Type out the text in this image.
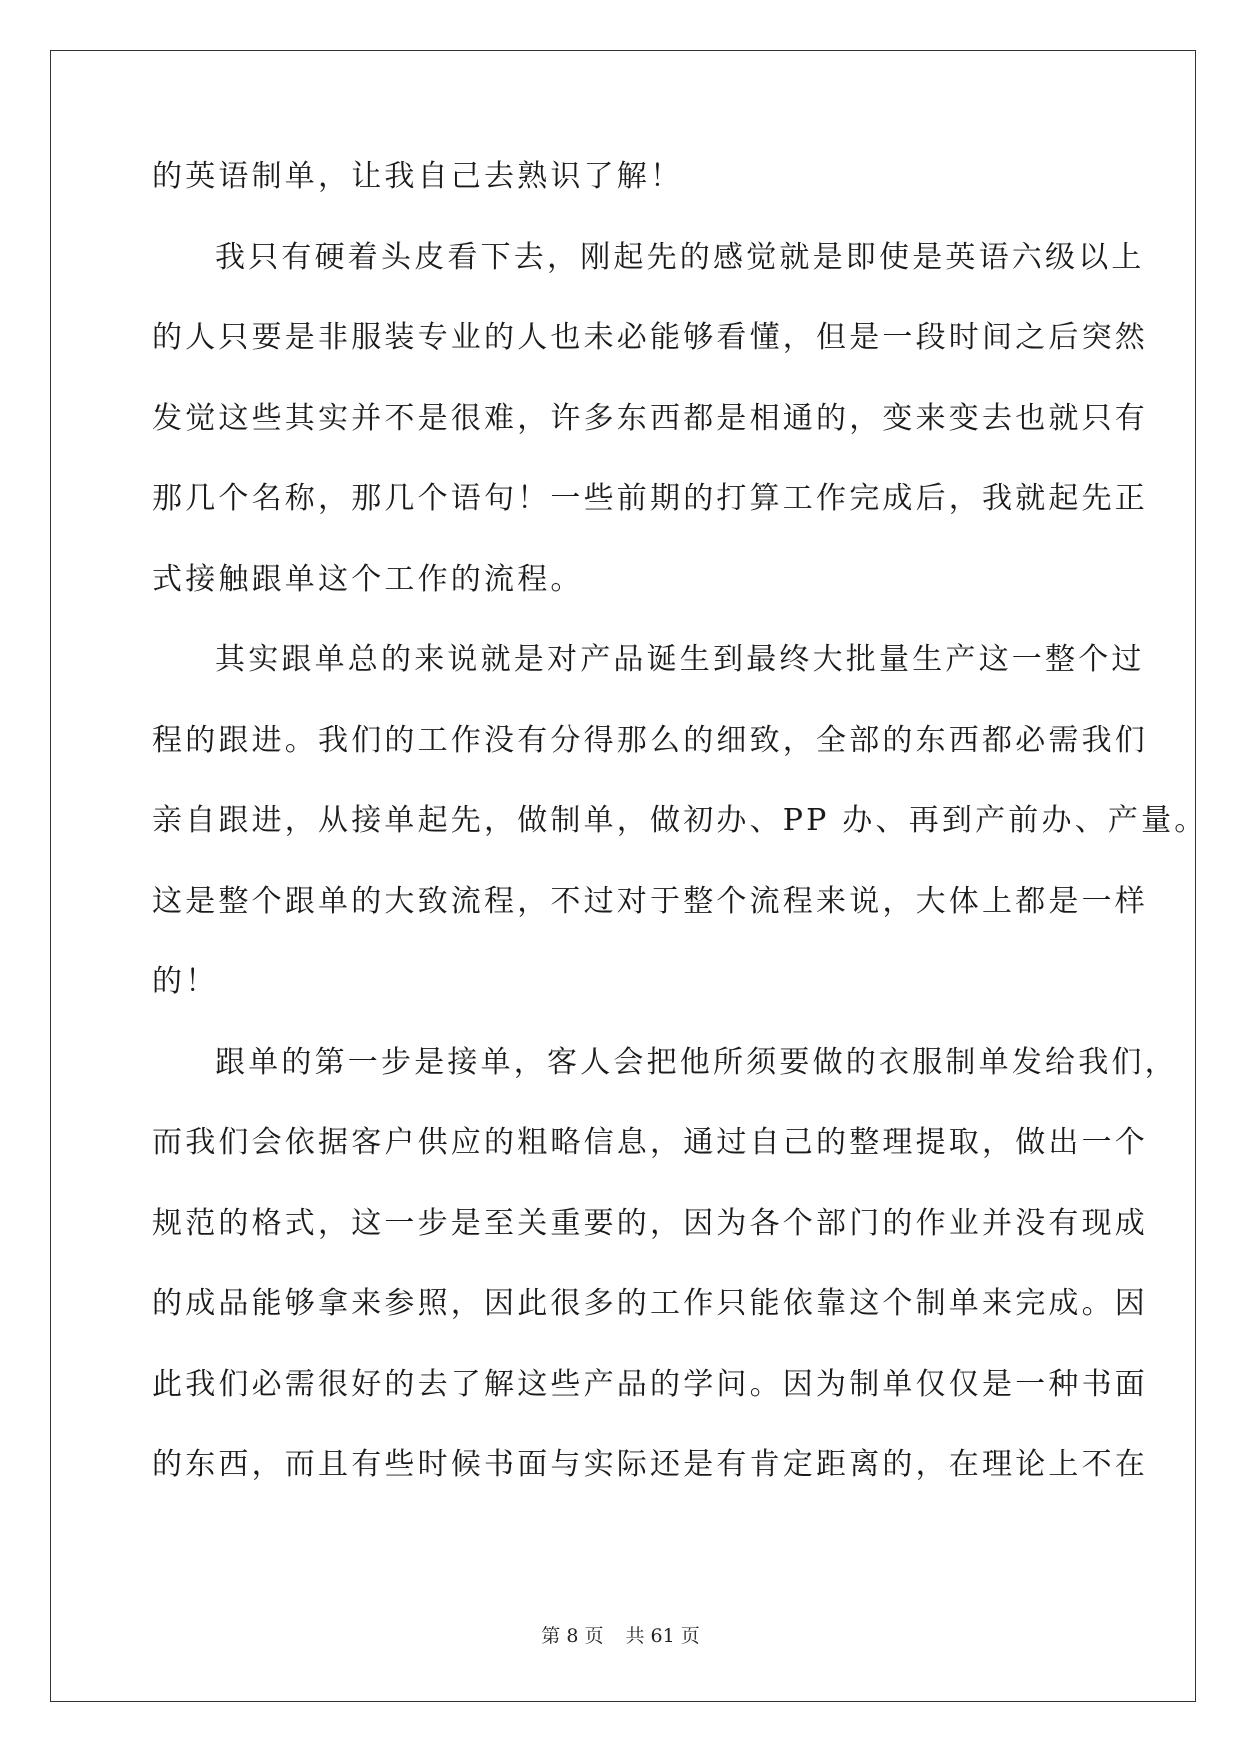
的英语制单，让我自己去熟识了解！
我只有硬着头皮看下去，刚起先的感觉就是即使是英语六级以上
的人只要是非服装专业的人也未必能够看懂，但是一段时间之后突然
发觉这些其实并不是很难，许多东西都是相通的，变来变去也就只有
那几个名称，那几个语句！一些前期的打算工作完成后，我就起先正
式接触跟单这个工作的流程。
其实跟单总的来说就是对产品诞生到最终大批量生产这一整个过
程的跟进。我们的工作没有分得那么的细致，全部的东西都必需我们
亲自跟进，从接单起先，做制单，做初办、PP 办、再到产前办、产量。
这是整个跟单的大致流程，不过对于整个流程来说，大体上都是一样
的！
跟单的第一步是接单，客人会把他所须要做的衣服制单发给我们，
而我们会依据客户供应的粗略信息，通过自己的整理提取，做出一个
规范的格式，这一步是至关重要的，因为各个部门的作业并没有现成
的成品能够拿来参照，因此很多的工作只能依靠这个制单来完成。因
此我们必需很好的去了解这些产品的学问。因为制单仅仅是一种书面
的东西，而且有些时候书面与实际还是有肯定距离的，在理论上不在
第 8 页 共 61 页
